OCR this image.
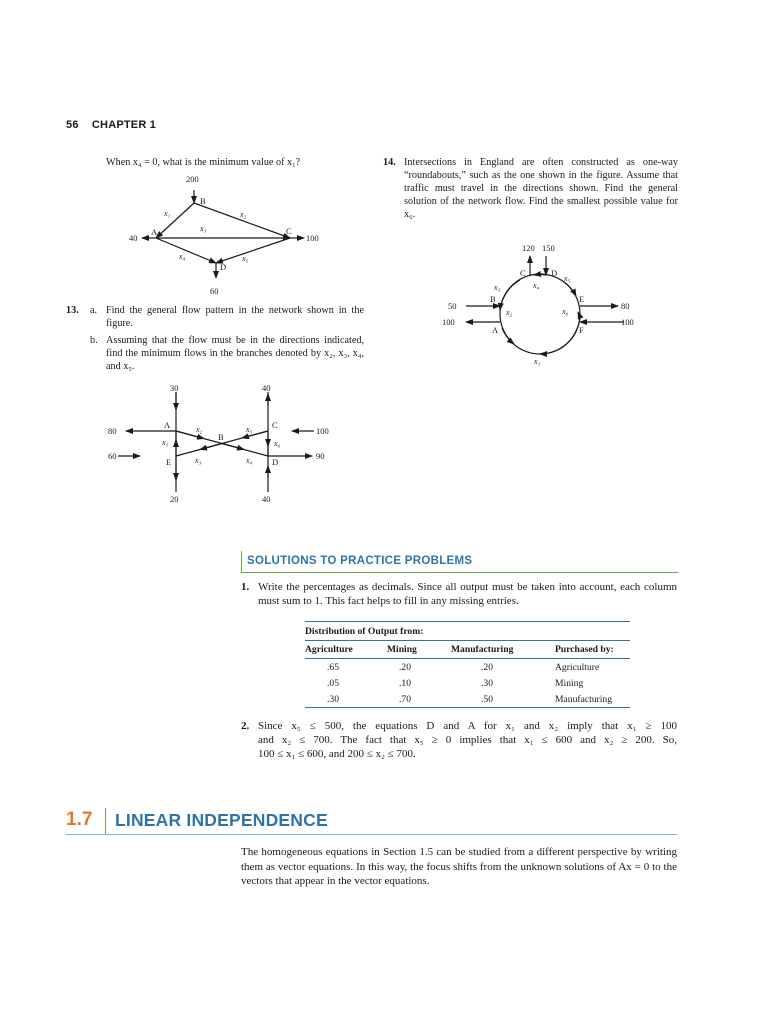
56 CHAPTER 1
When x₄ = 0, what is the minimum value of x₁?
200
40	100
60
A
B
C
D
x₁	x₂
x₃
x₄	x₅
13. a. Find the general flow pattern in the network shown in the figure.
b. Assuming that the flow must be in the directions indicated, find the minimum flows in the branches denoted by x₂, x₃, x₄, and x₅.
30	40
80
60
100
90
20	40
A
B
C
D
E
x₁
x₂
x₃	x₄
x₅
x₆
14. Intersections in England are often constructed as one-way “roundabouts,” such as the one shown in the figure. Assume that traffic must travel in the directions shown. Find the general solution of the network flow. Find the smallest possible value for x₆.
120 150
50
100
80
100
A
B
C	D
E
F
x₁
x₂
x₃	x₄
x₅
x₆
SOLUTIONS TO PRACTICE PROBLEMS
1. Write the percentages as decimals. Since all output must be taken into account, each column must sum to 1. This fact helps to fill in any missing entries.
Distribution of Output from:			
Agriculture	Mining	Manufacturing	Purchased by:
.65	.20	.20	Agriculture
.05	.10	.30	Mining
.30	.70	.50	Manufacturing
2. Since x₅ ≤ 500, the equations D and A for x₁ and x₂ imply that x₁ ≥ 100
and x₂ ≤ 700. The fact that x₅ ≥ 0 implies that x₁ ≤ 600 and x₂ ≥ 200. So,
100 ≤ x₁ ≤ 600, and 200 ≤ x₂ ≤ 700.
1.7 LINEAR INDEPENDENCE
The homogeneous equations in Section 1.5 can be studied from a different perspective by writing them as vector equations. In this way, the focus shifts from the unknown solutions of Ax = 0 to the vectors that appear in the vector equations.
